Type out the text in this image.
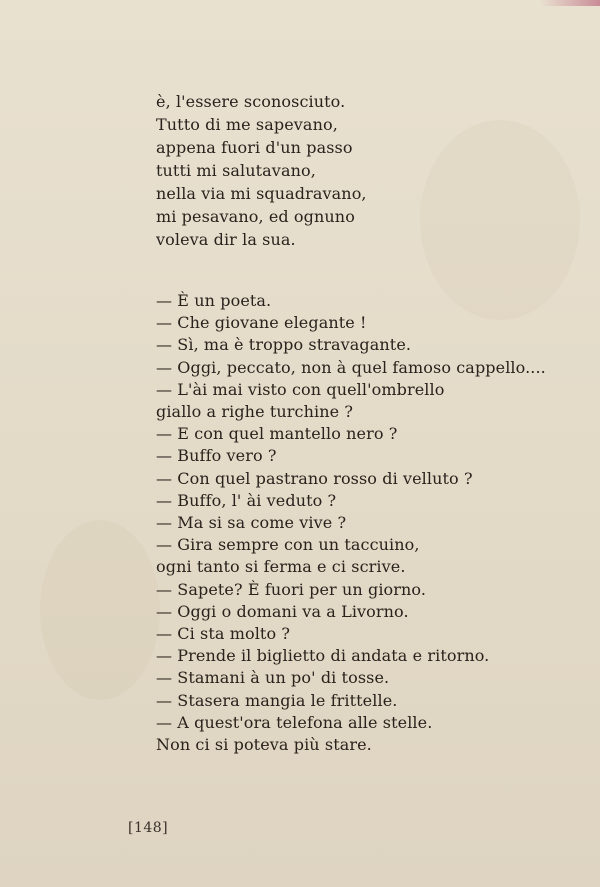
è, l'essere sconosciuto.
Tutto di me sapevano,
appena fuori d'un passo
tutti mi salutavano,
nella via mi squadravano,
mi pesavano, ed ognuno
voleva dir la sua.
— È un poeta.
— Che giovane elegante !
— Sì, ma è troppo stravagante.
— Oggi, peccato, non à quel famoso cappello....
— L'ài mai visto con quell'ombrello
giallo a righe turchine ?
— E con quel mantello nero ?
— Buffo vero ?
— Con quel pastrano rosso di velluto ?
— Buffo, l' ài veduto ?
— Ma si sa come vive ?
— Gira sempre con un taccuino,
ogni tanto si ferma e ci scrive.
— Sapete? È fuori per un giorno.
— Oggi o domani va a Livorno.
— Ci sta molto ?
— Prende il biglietto di andata e ritorno.
— Stamani à un po' di tosse.
— Stasera mangia le frittelle.
— A quest'ora telefona alle stelle.
Non ci si poteva più stare.
[148]
